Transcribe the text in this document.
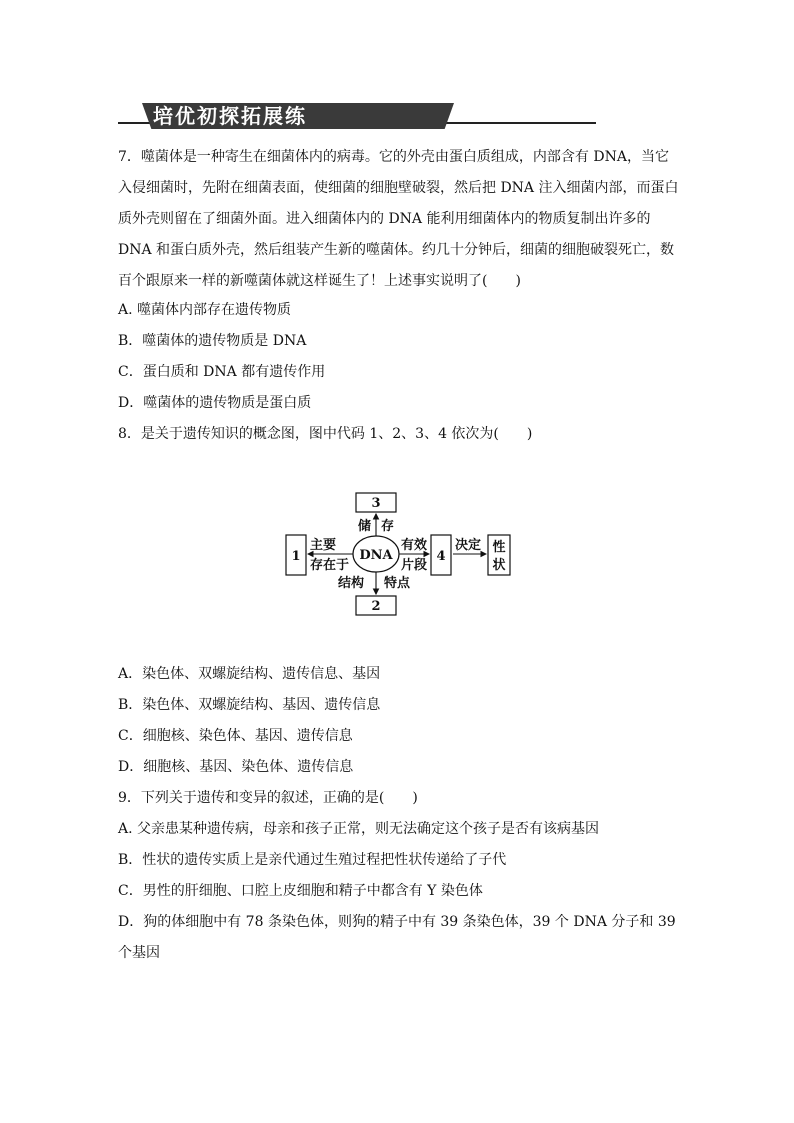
培优初探拓展练

7．噬菌体是一种寄生在细菌体内的病毒。它的外壳由蛋白质组成，内部含有 DNA，当它入侵细菌时，先附在细菌表面，使细菌的细胞壁破裂，然后把 DNA 注入细菌内部，而蛋白质外壳则留在了细菌外面。进入细菌体内的 DNA 能利用细菌体内的物质复制出许多的 DNA 和蛋白质外壳，然后组装产生新的噬菌体。约几十分钟后，细菌的细胞破裂死亡，数百个跟原来一样的新噬菌体就这样诞生了！上述事实说明了(　　)

A. 噬菌体内部存在遗传物质
B．噬菌体的遗传物质是 DNA
C．蛋白质和 DNA 都有遗传作用
D．噬菌体的遗传物质是蛋白质
8．是关于遗传知识的概念图，图中代码 1、2、3、4 依次为(　　)
DNA
3
储 存
1
主要
存在于
2
结构 特点
有效
片段
4
决定 性
状
A．染色体、双螺旋结构、遗传信息、基因
B．染色体、双螺旋结构、基因、遗传信息
C．细胞核、染色体、基因、遗传信息
D．细胞核、基因、染色体、遗传信息
9．下列关于遗传和变异的叙述，正确的是(　　)
A. 父亲患某种遗传病，母亲和孩子正常，则无法确定这个孩子是否有该病基因
B．性状的遗传实质上是亲代通过生殖过程把性状传递给了子代
C．男性的肝细胞、口腔上皮细胞和精子中都含有 Y 染色体

D．狗的体细胞中有 78 条染色体，则狗的精子中有 39 条染色体，39 个 DNA 分子和 39 个基因
